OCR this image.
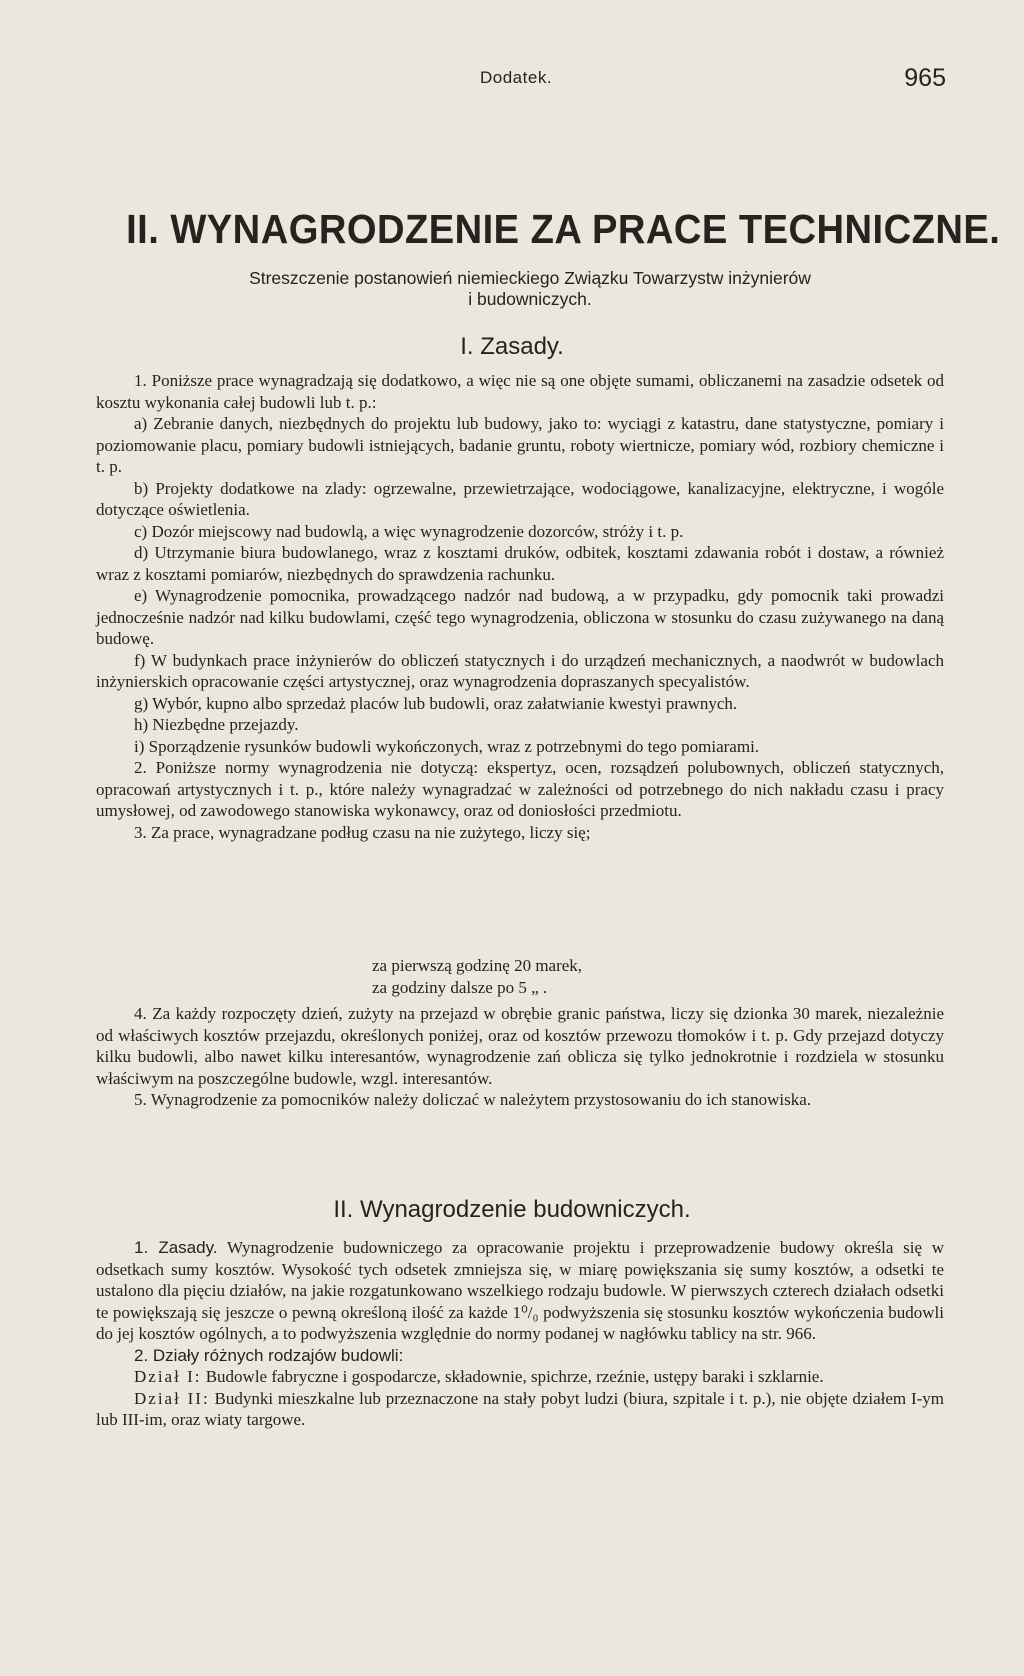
Dodatek.	965
II. WYNAGRODZENIE ZA PRACE TECHNICZNE.
Streszczenie postanowień niemieckiego Związku Towarzystw inżynierów
i budowniczych.
I. Zasady.

1. Poniższe prace wynagradzają się dodatkowo, a więc nie są one objęte sumami, obliczanemi na zasadzie odsetek od kosztu wykonania całej budowli lub t. p.:

a) Zebranie danych, niezbędnych do projektu lub budowy, jako to: wyciągi z katastru, dane statystyczne, pomiary i poziomowanie placu, pomiary budowli istniejących, badanie gruntu, roboty wiertnicze, pomiary wód, rozbiory chemiczne i t. p.

b) Projekty dodatkowe na zlady: ogrzewalne, przewietrzające, wodociągowe, kanalizacyjne, elektryczne, i wogóle dotyczące oświetlenia.

c) Dozór miejscowy nad budowlą, a więc wynagrodzenie dozorców, stróży i t. p.

d) Utrzymanie biura budowlanego, wraz z kosztami druków, odbitek, kosztami zdawania robót i dostaw, a również wraz z kosztami pomiarów, niezbędnych do sprawdzenia rachunku.

e) Wynagrodzenie pomocnika, prowadzącego nadzór nad budową, a w przypadku, gdy pomocnik taki prowadzi jednocześnie nadzór nad kilku budowlami, część tego wynagrodzenia, obliczona w stosunku do czasu zużywanego na daną budowę.

f) W budynkach prace inżynierów do obliczeń statycznych i do urządzeń mechanicznych, a naodwrót w budowlach inżynierskich opracowanie części artystycznej, oraz wynagrodzenia dopraszanych specyalistów.

g) Wybór, kupno albo sprzedaż placów lub budowli, oraz załatwianie kwestyi prawnych.

h) Niezbędne przejazdy.

i) Sporządzenie rysunków budowli wykończonych, wraz z potrzebnymi do tego pomiarami.

2. Poniższe normy wynagrodzenia nie dotyczą: ekspertyz, ocen, rozsądzeń polubownych, obliczeń statycznych, opracowań artystycznych i t. p., które należy wynagradzać w zależności od potrzebnego do nich nakładu czasu i pracy umysłowej, od zawodowego stanowiska wykonawcy, oraz od doniosłości przedmiotu.

3. Za prace, wynagradzane podług czasu na nie zużytego, liczy się;

za pierwszą godzinę 20 marek,
za godziny dalsze po 5 „ .

4. Za każdy rozpoczęty dzień, zużyty na przejazd w obrębie granic państwa, liczy się dzionka 30 marek, niezależnie od właściwych kosztów przejazdu, określonych poniżej, oraz od kosztów przewozu tłomoków i t. p. Gdy przejazd dotyczy kilku budowli, albo nawet kilku interesantów, wynagrodzenie zań oblicza się tylko jednokrotnie i rozdziela w stosunku właściwym na poszczególne budowle, wzgl. interesantów.

5. Wynagrodzenie za pomocników należy doliczać w należytem przystosowaniu do ich stanowiska.

II. Wynagrodzenie budowniczych.

1. Zasady. Wynagrodzenie budowniczego za opracowanie projektu i przeprowadzenie budowy określa się w odsetkach sumy kosztów. Wysokość tych odsetek zmniejsza się, w miarę powiększania się sumy kosztów, a odsetki te ustalono dla pięciu działów, na jakie rozgatunkowano wszelkiego rodzaju budowle. W pierwszych czterech działach odsetki te powiększają się jeszcze o pewną określoną ilość za każde 1⁰/₀ podwyższenia się stosunku kosztów wykończenia budowli do jej kosztów ogólnych, a to podwyższenia względnie do normy podanej w nagłówku tablicy na str. 966.

2. Działy różnych rodzajów budowli:

Dział I: Budowle fabryczne i gospodarcze, składownie, spichrze, rzeźnie, ustępy baraki i szklarnie.

Dział II: Budynki mieszkalne lub przeznaczone na stały pobyt ludzi (biura, szpitale i t. p.), nie objęte działem I-ym lub III-im, oraz wiaty targowe.
